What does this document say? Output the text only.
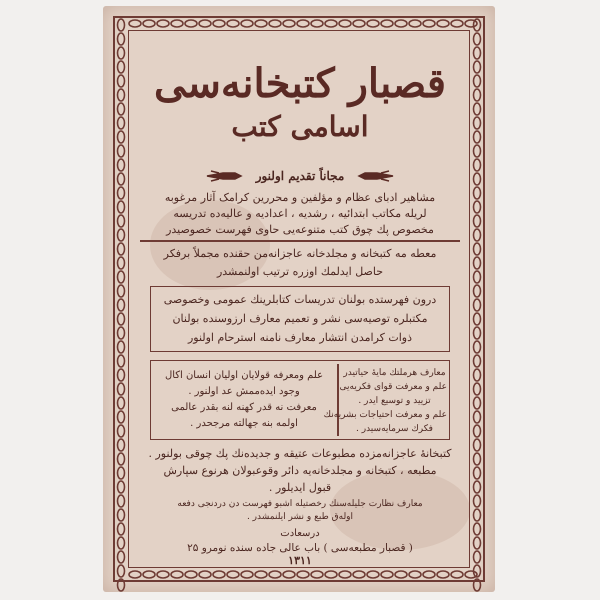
قصبار کتبخانه‌سی
اسامی کتب
مجاناً تقدیم اولنور
مشاهیر ادبای عظام و مؤلفین و محررین کرامک آثار مرغوبه
لریله مکاتب ابتدائیه ، رشدیه ، اعدادیه و عالیه‌ده تدریسه
مخصوص پك چوق کتب متنوعه‌یی حاوی فهرست خصوصیدر
معطه مه کتبخانه و مجلدخانه عاجزانه‌من حقنده مجملاً برفکر
حاصل ایدلمك اوزره ترتیب اولنمشدر
درون فهرستده بولنان تدریسات کتابلرینك عمومی وخصوصی
مکتبلره توصیه‌سی نشر و تعمیم معارف ارزوسنده بولنان
ذوات کرامدن انتشار معارف نامنه استرحام اولنور
معارف هرملتك مایهٔ حیاتیدر
علم و معرفت قوای فکریه‌یی
تزیید و توسیع ایدر .
علم و معرفت احتیاجات بشریه‌نك
فکرك سرمایه‌سیدر .
علم ومعرفه قولایان اولیان انسان اکال
وجود ایده‌ممش عد اولنور .
معرفت نه قدر کهنه لنه بقدر عالمی
اولمه بنه جهالته مرجحدر .
کتبخانه‌ٔ عاجزانه‌مزده مطبوعات عتیقه و جدیده‌نك پك چوقی بولنور .
مطبعه ، کتبخانه و مجلدخانه‌یه دائر وقوعبولان هرنوع سپارش
قبول ایدیلور .
معارف نظارت جلیله‌سنك رخصتیله اشبو فهرست دن دردنجی دفعه
اوله‌ق طبع و نشر ایلنمشدر .
درسعادت
( قصبار مطبعه‌سی ) باب عالی جاده سنده نومرو ۲۵
۱۳۱۱
